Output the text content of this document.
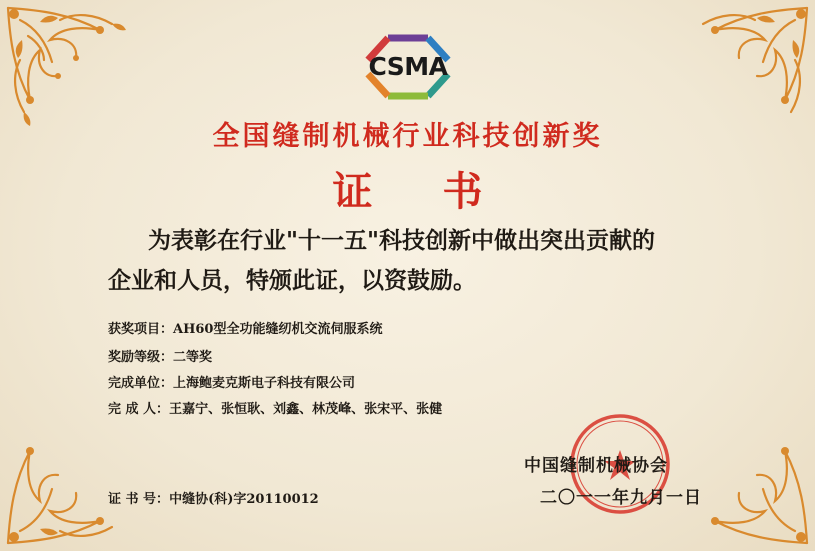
CSMA
全国缝制机械行业科技创新奖
证书
为表彰在行业"十一五"科技创新中做出突出贡献的
企业和人员，特颁此证，以资鼓励。
获奖项目：AH60型全功能缝纫机交流伺服系统
奖励等级：二等奖
完成单位：上海鲍麦克斯电子科技有限公司
完 成 人：王嘉宁、张恒耿、刘鑫、林茂峰、张宋平、张健
证 书 号：中缝协(科)字20110012
中国缝制机械协会
二〇一一年九月一日
